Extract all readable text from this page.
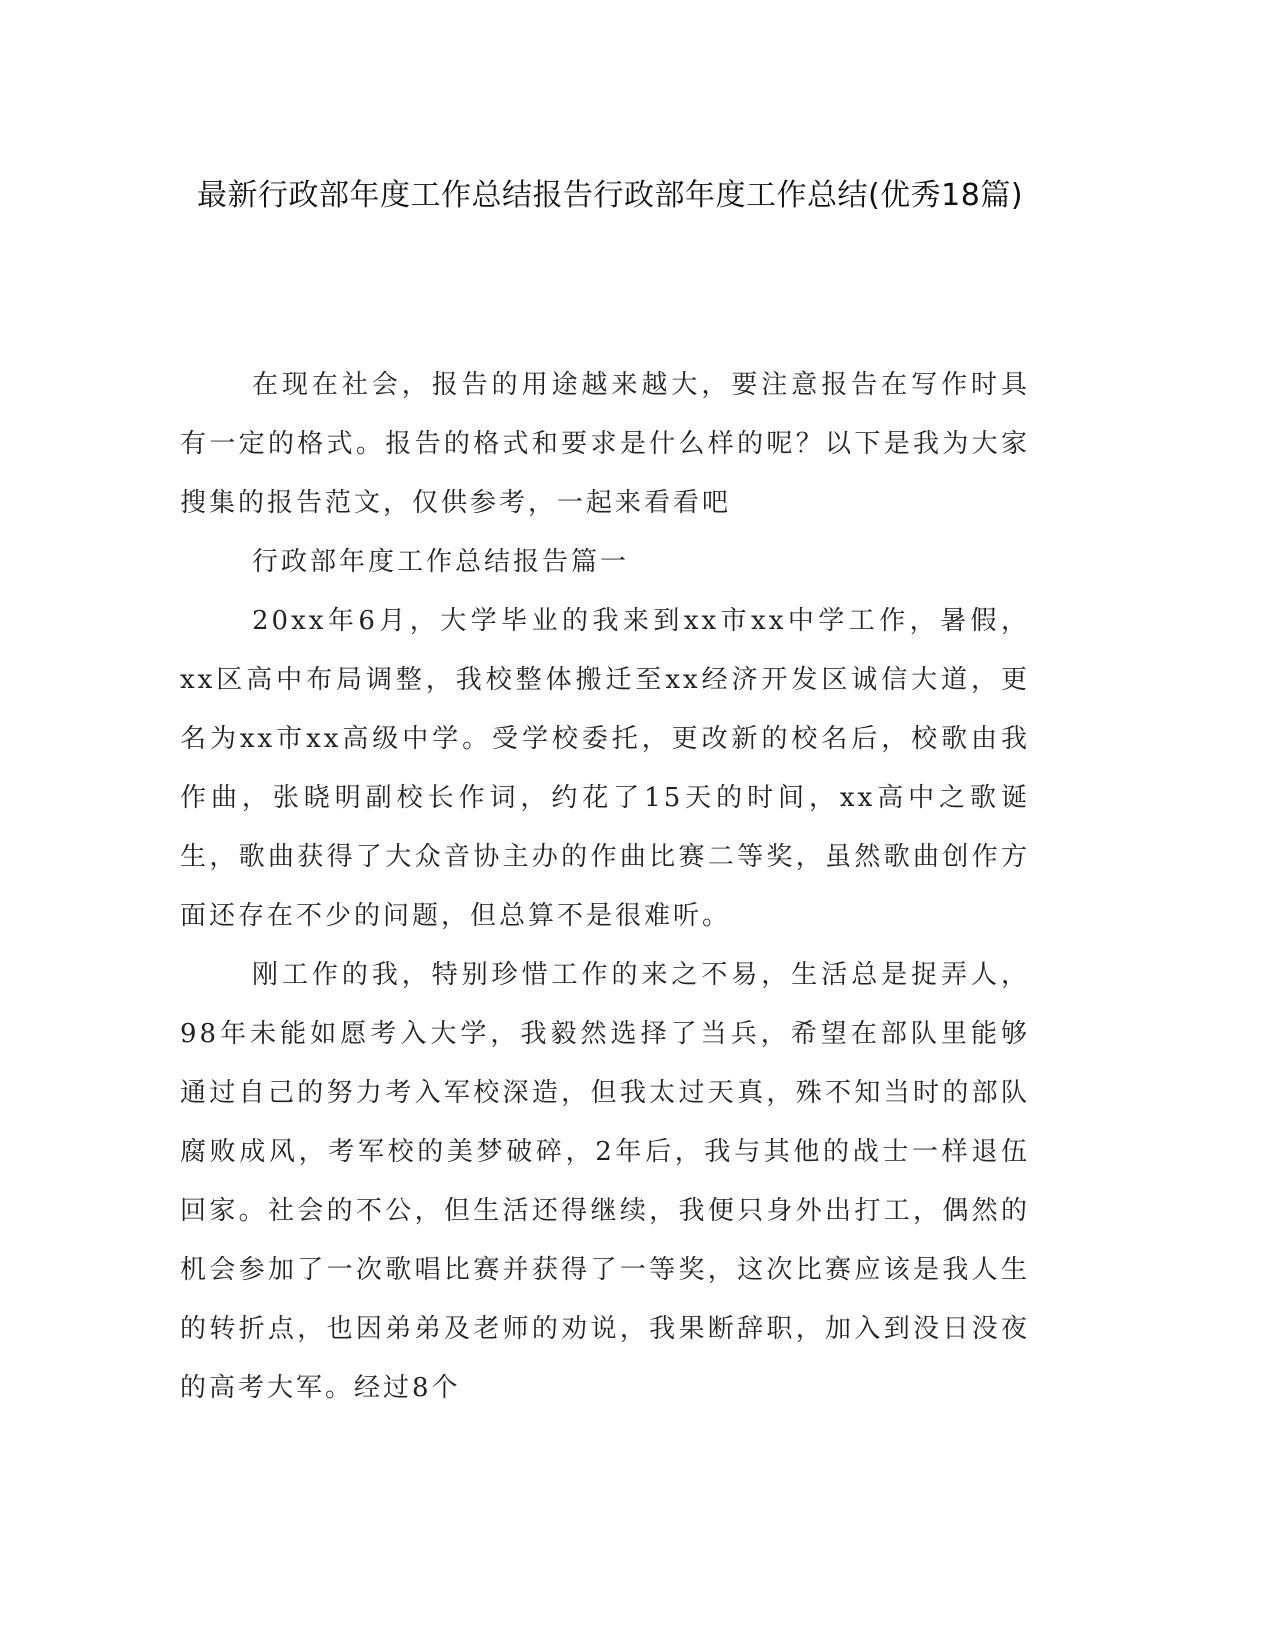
最新行政部年度工作总结报告行政部年度工作总结(优秀18篇)

在现在社会，报告的用途越来越大，要注意报告在写作时具有一定的格式。报告的格式和要求是什么样的呢？以下是我为大家搜集的报告范文，仅供参考，一起来看看吧

行政部年度工作总结报告篇一

20xx年6月，大学毕业的我来到xx市xx中学工作，暑假，xx区高中布局调整，我校整体搬迁至xx经济开发区诚信大道，更名为xx市xx高级中学。受学校委托，更改新的校名后，校歌由我作曲，张晓明副校长作词，约花了15天的时间，xx高中之歌诞生，歌曲获得了大众音协主办的作曲比赛二等奖，虽然歌曲创作方面还存在不少的问题，但总算不是很难听。

刚工作的我，特别珍惜工作的来之不易，生活总是捉弄人，98年未能如愿考入大学，我毅然选择了当兵，希望在部队里能够通过自己的努力考入军校深造，但我太过天真，殊不知当时的部队腐败成风，考军校的美梦破碎，2年后，我与其他的战士一样退伍回家。社会的不公，但生活还得继续，我便只身外出打工，偶然的机会参加了一次歌唱比赛并获得了一等奖，这次比赛应该是我人生的转折点，也因弟弟及老师的劝说，我果断辞职，加入到没日没夜的高考大军。经过8个
